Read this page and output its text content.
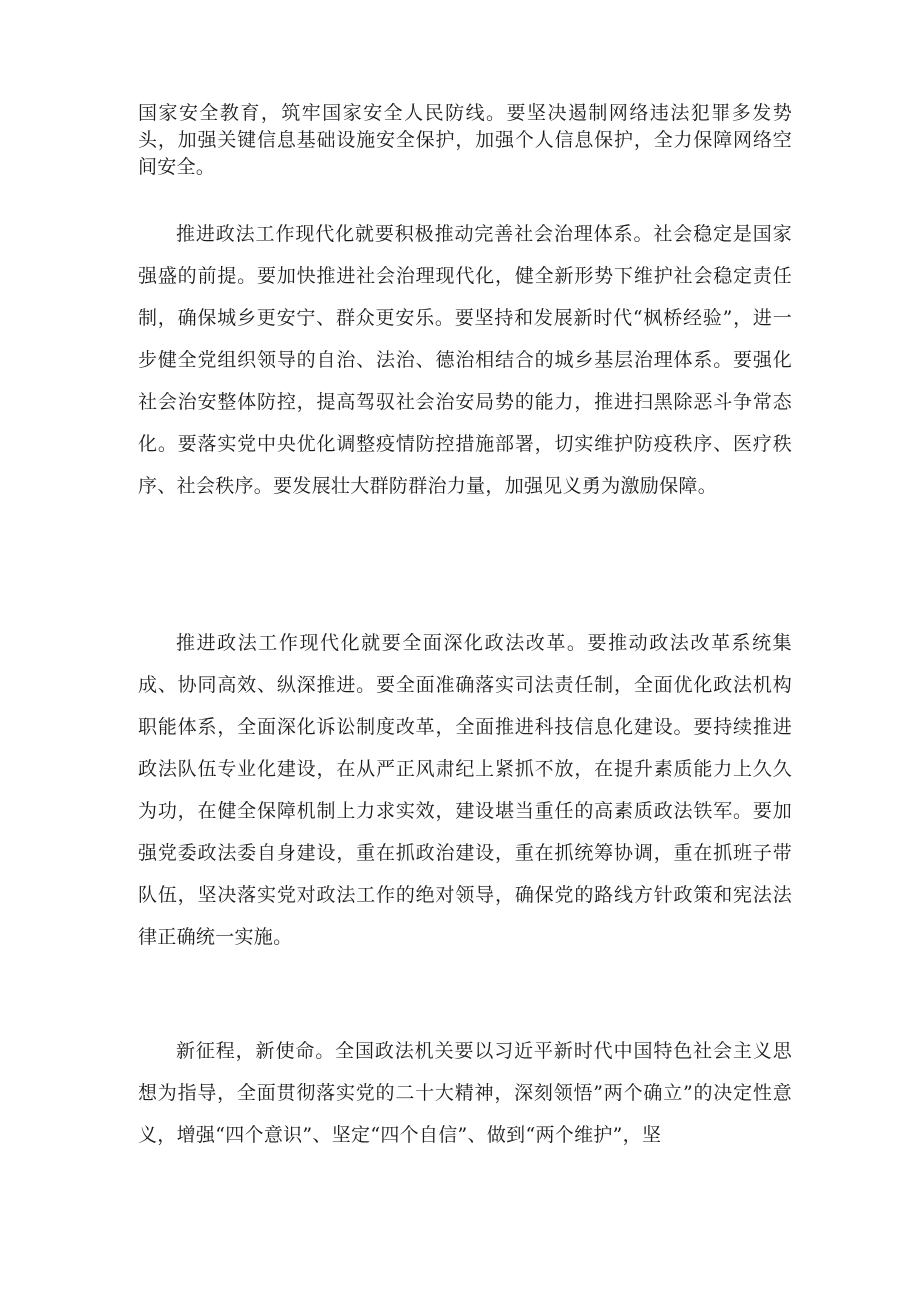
国家安全教育，筑牢国家安全人民防线。要坚决遏制网络违法犯罪多发势头，加强关键信息基础设施安全保护，加强个人信息保护，全力保障网络空间安全。

推进政法工作现代化就要积极推动完善社会治理体系。社会稳定是国家强盛的前提。要加快推进社会治理现代化，健全新形势下维护社会稳定责任制，确保城乡更安宁、群众更安乐。要坚持和发展新时代“枫桥经验”，进一步健全党组织领导的自治、法治、德治相结合的城乡基层治理体系。要强化社会治安整体防控，提高驾驭社会治安局势的能力，推进扫黑除恶斗争常态化。要落实党中央优化调整疫情防控措施部署，切实维护防疫秩序、医疗秩序、社会秩序。要发展壮大群防群治力量，加强见义勇为激励保障。

推进政法工作现代化就要全面深化政法改革。要推动政法改革系统集成、协同高效、纵深推进。要全面准确落实司法责任制，全面优化政法机构职能体系，全面深化诉讼制度改革，全面推进科技信息化建设。要持续推进政法队伍专业化建设，在从严正风肃纪上紧抓不放，在提升素质能力上久久为功，在健全保障机制上力求实效，建设堪当重任的高素质政法铁军。要加强党委政法委自身建设，重在抓政治建设，重在抓统筹协调，重在抓班子带队伍，坚决落实党对政法工作的绝对领导，确保党的路线方针政策和宪法法律正确统一实施。

新征程，新使命。全国政法机关要以习近平新时代中国特色社会主义思想为指导，全面贯彻落实党的二十大精神，深刻领悟”两个确立”的决定性意义，增强“四个意识”、坚定“四个自信”、做到“两个维护”，坚
